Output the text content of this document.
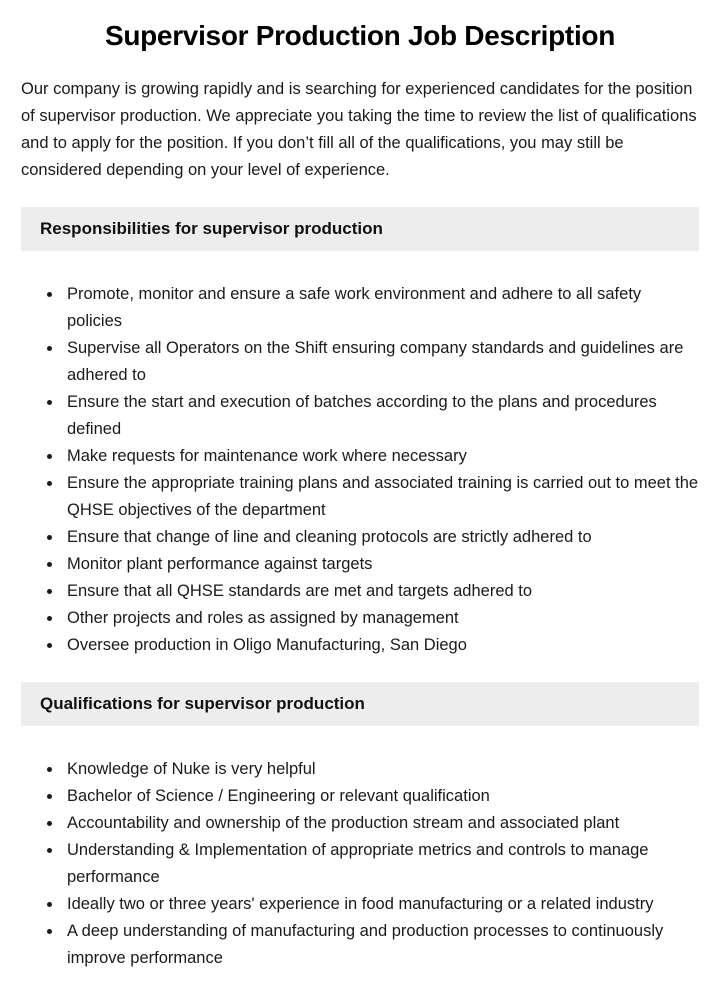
Supervisor Production Job Description

Our company is growing rapidly and is searching for experienced candidates for the position of supervisor production. We appreciate you taking the time to review the list of qualifications and to apply for the position. If you don’t fill all of the qualifications, you may still be considered depending on your level of experience.

Responsibilities for supervisor production
• Promote, monitor and ensure a safe work environment and adhere to all safety policies
• Supervise all Operators on the Shift ensuring company standards and guidelines are adhered to
• Ensure the start and execution of batches according to the plans and procedures defined
• Make requests for maintenance work where necessary
• Ensure the appropriate training plans and associated training is carried out to meet the QHSE objectives of the department
• Ensure that change of line and cleaning protocols are strictly adhered to
• Monitor plant performance against targets
• Ensure that all QHSE standards are met and targets adhered to
• Other projects and roles as assigned by management
• Oversee production in Oligo Manufacturing, San Diego
Qualifications for supervisor production
• Knowledge of Nuke is very helpful
• Bachelor of Science / Engineering or relevant qualification
• Accountability and ownership of the production stream and associated plant
• Understanding & Implementation of appropriate metrics and controls to manage performance
• Ideally two or three years' experience in food manufacturing or a related industry
• A deep understanding of manufacturing and production processes to continuously improve performance
